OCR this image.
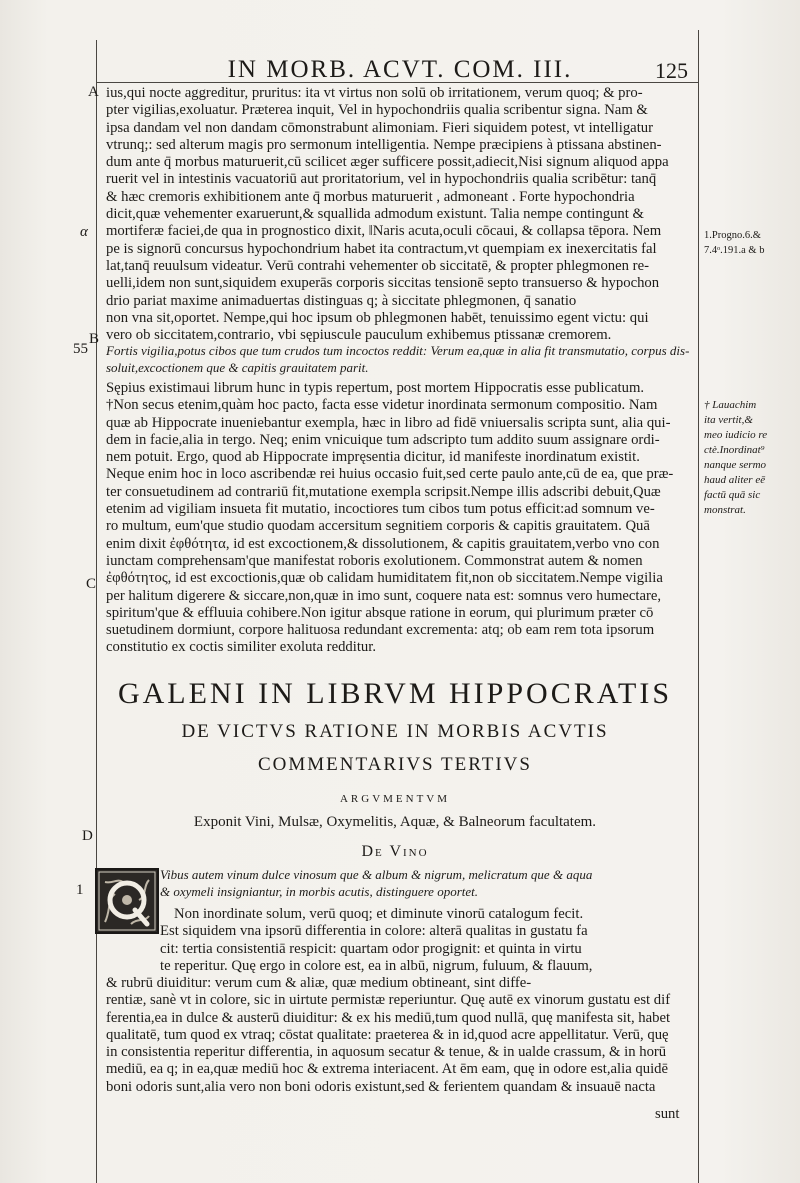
IN MORB. ACVT. COM. III.	125
A
α
55
B
C
D
1
1.Progno.6.&
7.4ᵒ.191.a & b
† Lauachim
ita vertit,&
meo iudicio re
ctè.Inordinat⁹
nanque sermo
haud aliter eē
factū quā sic
monstrat.
ius,qui nocte aggreditur, pruritus: ita vt virtus non solū ob irritationem, verum quoq; & pro-
pter vigilias,exoluatur. Præterea inquit, Vel in hypochondriis qualia scribentur signa. Nam &
ipsa dandam vel non dandam cōmonstrabunt alimoniam. Fieri siquidem potest, vt intelligatur
vtrunq;: sed alterum magis pro sermonum intelligentia. Nempe præcipiens à ptissana abstinen-
dum ante q̄ morbus maturuerit,cū scilicet æger sufficere possit,adiecit,Nisi signum aliquod appa
ruerit vel in intestinis vacuatoriū aut proritatorium, vel in hypochondriis qualia scribētur: tanq̄
& hæc cremoris exhibitionem ante q̄ morbus maturuerit , admoneant . Forte hypochondria
dicit,quæ vehementer exaruerunt,& squallida admodum existunt. Talia nempe contingunt &
mortiferæ faciei,de qua in prognostico dixit, ‖Naris acuta,oculi cōcaui, & collapsa tēpora. Nem
pe is signorū concursus hypochondrium habet ita contractum,vt quempiam ex inexercitatis fal
lat,tanq̄ reuulsum videatur. Verū contrahi vehementer ob siccitatē, & propter phlegmonen re-
uelli,idem non sunt,siquidem exuperās corporis siccitas tensionē septo transuerso & hypochon
drio pariat maxime animaduertas distinguas q; à siccitate phlegmonen, q̄ sanatio
non vna sit,oportet. Nempe,qui hoc ipsum ob phlegmonen habēt, tenuissimo egent victu: qui
vero ob siccitatem,contrario, vbi sępiuscule pauculum exhibemus ptissanæ cremorem.
Fortis vigilia,potus cibos que tum crudos tum incoctos reddit: Verum ea,quæ in alia fit transmutatio, corpus dis-
soluit,excoctionem que & capitis grauitatem parit.
Sępius existimaui librum hunc in typis repertum, post mortem Hippocratis esse publicatum.
†Non secus etenim,quàm hoc pacto, facta esse videtur inordinata sermonum compositio. Nam
quæ ab Hippocrate inueniebantur exempla, hæc in libro ad fidē vniuersalis scripta sunt, alia qui-
dem in facie,alia in tergo. Neq; enim vnicuique tum adscripto tum addito suum assignare ordi-
nem potuit. Ergo, quod ab Hippocrate impręsentia dicitur, id manifeste inordinatum existit.
Neque enim hoc in loco ascribendæ rei huius occasio fuit,sed certe paulo ante,cū de ea, que præ-
ter consuetudinem ad contrariū fit,mutatione exempla scripsit.Nempe illis adscribi debuit,Quæ
etenim ad vigiliam insueta fit mutatio, incoctiores tum cibos tum potus efficit:ad somnum ve-
ro multum, eum'que studio quodam accersitum segnitiem corporis & capitis grauitatem. Quā
enim dixit ἐφθότητα, id est excoctionem,& dissolutionem, & capitis grauitatem,verbo vno con
iunctam comprehensam'que manifestat roboris exolutionem. Commonstrat autem & nomen
ἐφθότητος, id est excoctionis,quæ ob calidam humiditatem fit,non ob siccitatem.Nempe vigilia
per halitum digerere & siccare,non,quæ in imo sunt, coquere nata est: somnus vero humectare,
spiritum'que & effluuia cohibere.Non igitur absque ratione in eorum, qui plurimum præter cō
suetudinem dormiunt, corpore halituosa redundant excrementa: atq; ob eam rem tota ipsorum
constitutio ex coctis similiter exoluta redditur.
GALENI IN LIBRVM HIPPOCRATIS
DE VICTVS RATIONE IN MORBIS ACVTIS
COMMENTARIVS TERTIVS
ARGVMENTVM
Exponit Vini, Mulsæ, Oxymelitis, Aquæ, & Balneorum facultatem.
De Vino
Vibus autem vinum dulce vinosum que & album & nigrum, melicratum que & aqua
& oxymeli insigniantur, in morbis acutis, distinguere oportet.
Non inordinate solum, verū quoq; et diminute vinorū catalogum fecit.
Est siquidem vna ipsorū differentia in colore: alterā qualitas in gustatu fa
cit: tertia consistentiā respicit: quartam odor progignit: et quinta in virtu
te reperitur. Quę ergo in colore est, ea in albū, nigrum, fuluum, & flauum,
& rubrū diuiditur: verum cum & aliæ, quæ medium obtineant, sint diffe-
rentiæ, sanè vt in colore, sic in uirtute permistæ reperiuntur. Quę autē ex vinorum gustatu est dif
ferentia,ea in dulce & austerū diuiditur: & ex his mediū,tum quod nullā, quę manifesta sit, habet
qualitatē, tum quod ex vtraq; cōstat qualitate: praeterea & in id,quod acre appellitatur. Verū, quę
in consistentia reperitur differentia, in aquosum secatur & tenue, & in ualde crassum, & in horū
mediū, ea q; in ea,quæ mediū hoc & extrema interiacent. At ēm eam, quę in odore est,alia quidē
boni odoris sunt,alia vero non boni odoris existunt,sed & ferientem quandam & insuauē nacta
sunt
